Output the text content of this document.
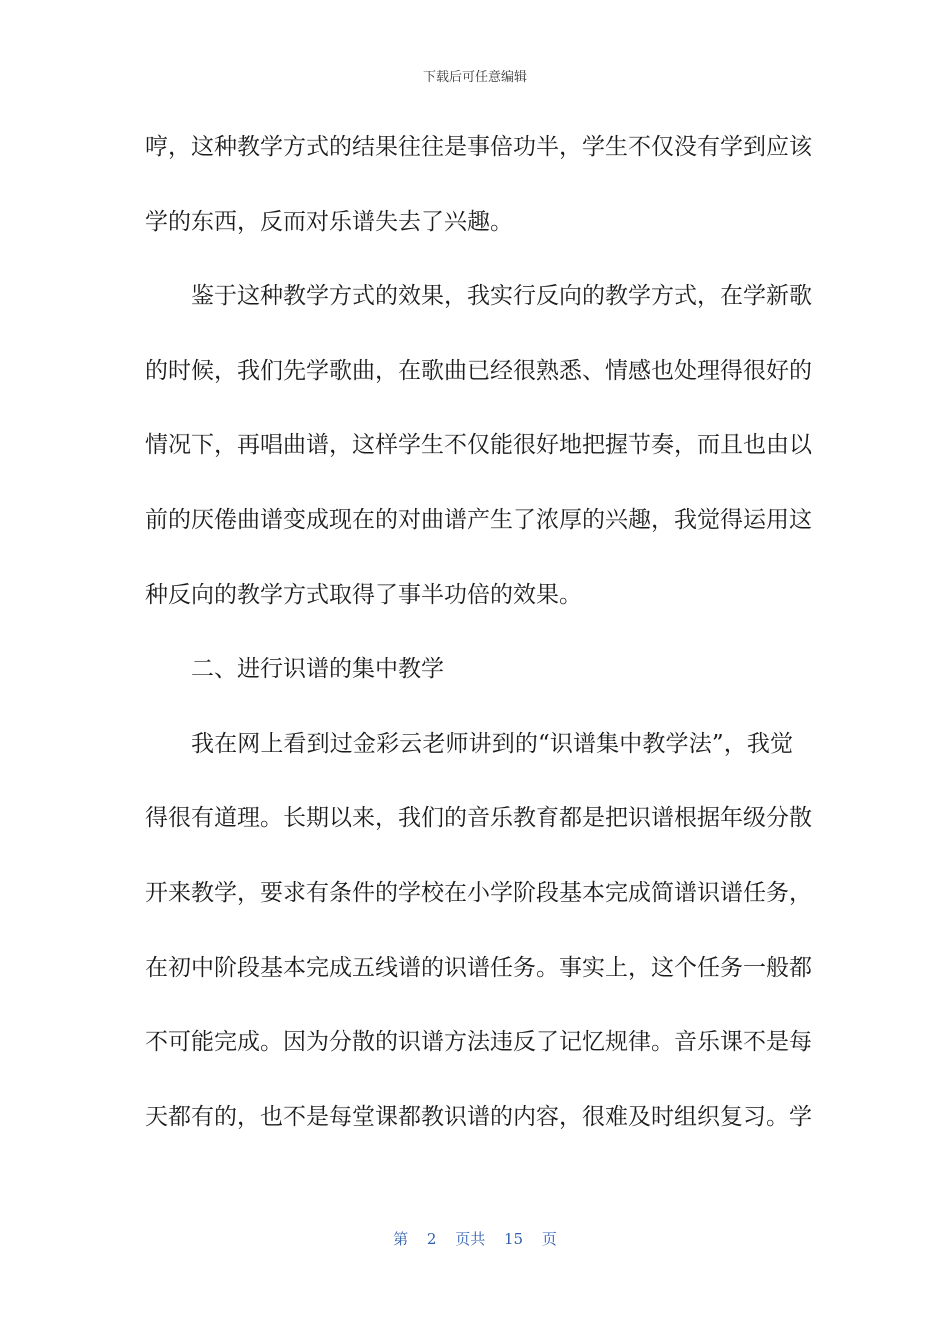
下载后可任意编辑
哼，这种教学方式的结果往往是事倍功半，学生不仅没有学到应该
学的东西，反而对乐谱失去了兴趣。
鉴于这种教学方式的效果，我实行反向的教学方式，在学新歌
的时候，我们先学歌曲，在歌曲已经很熟悉、情感也处理得很好的
情况下，再唱曲谱，这样学生不仅能很好地把握节奏，而且也由以
前的厌倦曲谱变成现在的对曲谱产生了浓厚的兴趣，我觉得运用这
种反向的教学方式取得了事半功倍的效果。
二、进行识谱的集中教学
我在网上看到过金彩云老师讲到的“识谱集中教学法”，我觉
得很有道理。长期以来，我们的音乐教育都是把识谱根据年级分散
开来教学，要求有条件的学校在小学阶段基本完成简谱识谱任务，
在初中阶段基本完成五线谱的识谱任务。事实上，这个任务一般都
不可能完成。因为分散的识谱方法违反了记忆规律。音乐课不是每
天都有的，也不是每堂课都教识谱的内容，很难及时组织复习。学
第 2 页共 15 页
